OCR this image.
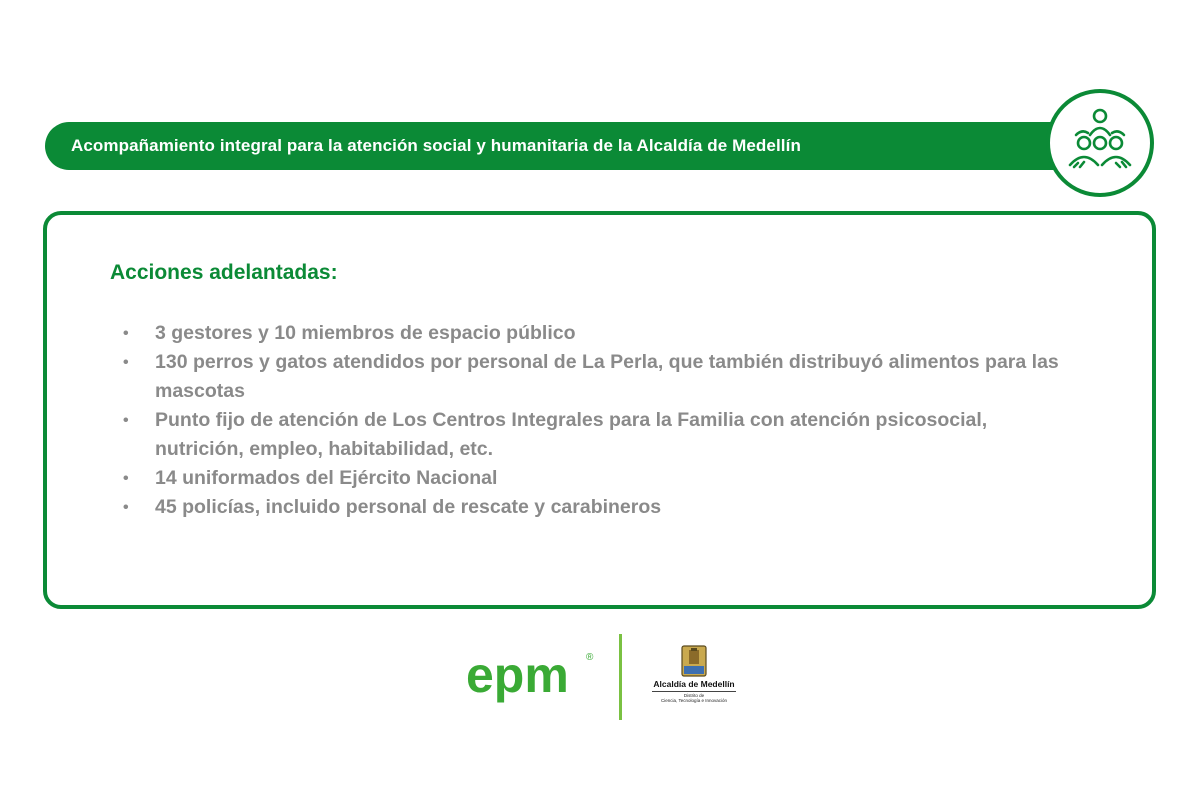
Acompañamiento integral para la atención social y humanitaria de la Alcaldía de Medellín
Acciones adelantadas:
• 3 gestores y 10 miembros de espacio público
• 130 perros y gatos atendidos por personal de La Perla, que también distribuyó alimentos para las mascotas
• Punto fijo de atención de Los Centros Integrales para la Familia con atención psicosocial, nutrición, empleo, habitabilidad, etc.
• 14 uniformados del Ejército Nacional
• 45 policías, incluido personal de rescate y carabineros
epm ®
Alcaldía de Medellín
Distrito de
Ciencia, Tecnología e Innovación
